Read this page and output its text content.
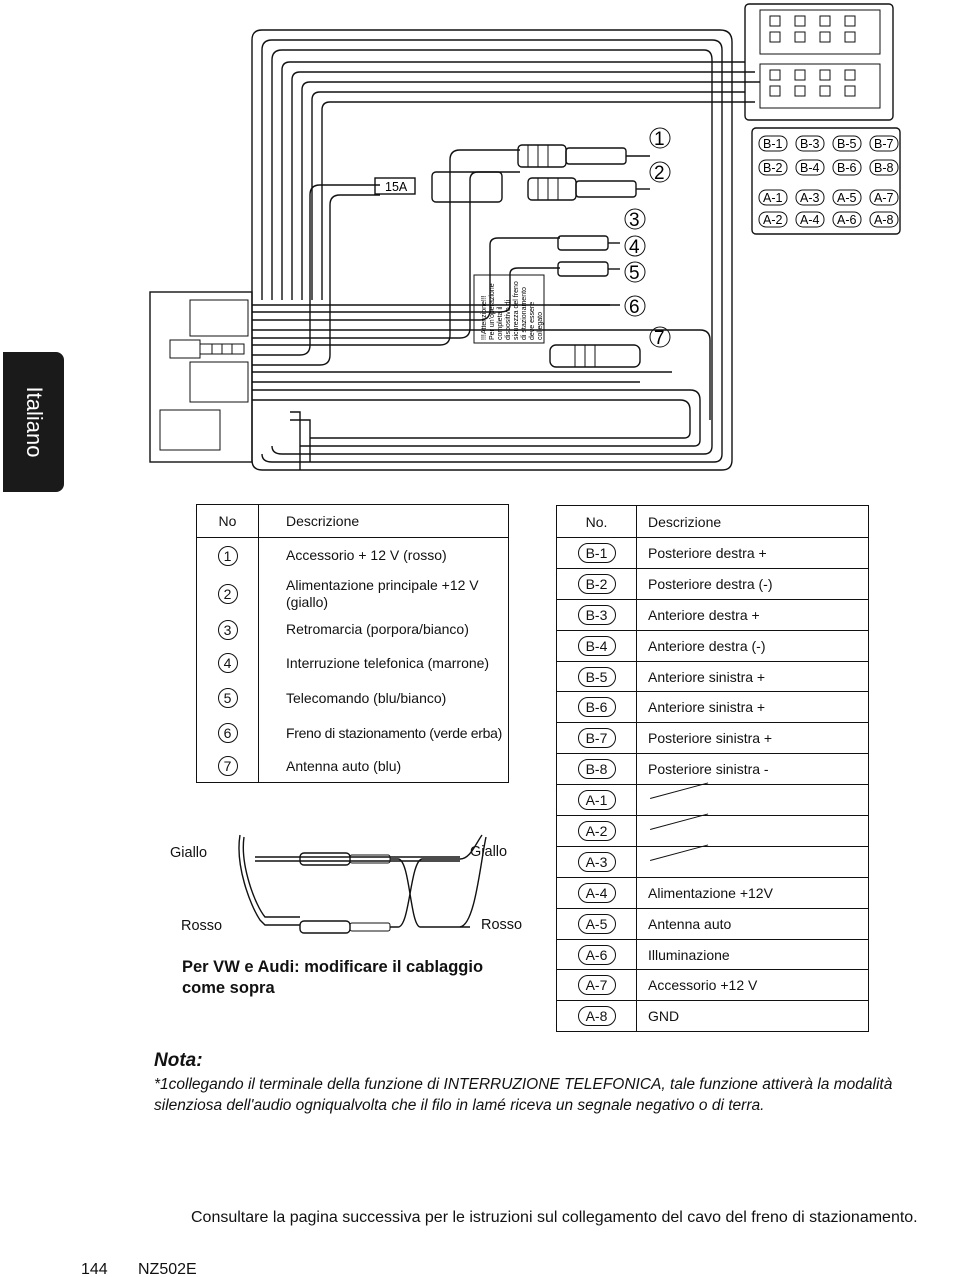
Italiano
15A
!!!Attenzione!!! Per un'operazione completa il dispositivo di sicurezza del freno di stazionamento deve essere collegato
1
2
3
4
5
6
7
B-1 B-3 B-5 B-7
B-2 B-4 B-6 B-8
A-1 A-3 A-5 A-7
A-2 A-4 A-6 A-8
No	Descrizione
1	Accessorio + 12 V (rosso)
2	Alimentazione principale +12 V (giallo)
3	Retromarcia (porpora/bianco)
4	Interruzione telefonica (marrone)
5	Telecomando (blu/bianco)
6	Freno di stazionamento (verde erba)
7	Antenna auto (blu)
No.	Descrizione
B-1	Posteriore destra +
B-2	Posteriore destra (-)
B-3	Anteriore destra +
B-4	Anteriore destra (-)
B-5	Anteriore sinistra +
B-6	Anteriore sinistra +
B-7	Posteriore sinistra +
B-8	Posteriore sinistra -
A-1	

A-2	

A-3	

A-4	Alimentazione +12V
A-5	Antenna auto
A-6	Illuminazione
A-7	Accessorio +12 V
A-8	GND
Giallo	Giallo
Rosso	Rosso
Per VW e Audi: modificare il cablaggio
come sopra
Nota:
*1collegando il terminale della funzione di INTERRUZIONE TELEFONICA, tale funzione attiverà la modalità silenziosa dell'audio ogniqualvolta che il filo in lamé riceva un segnale negativo o di terra.
Consultare la pagina successiva per le istruzioni sul collegamento del cavo del freno di stazionamento.
144 NZ502E
